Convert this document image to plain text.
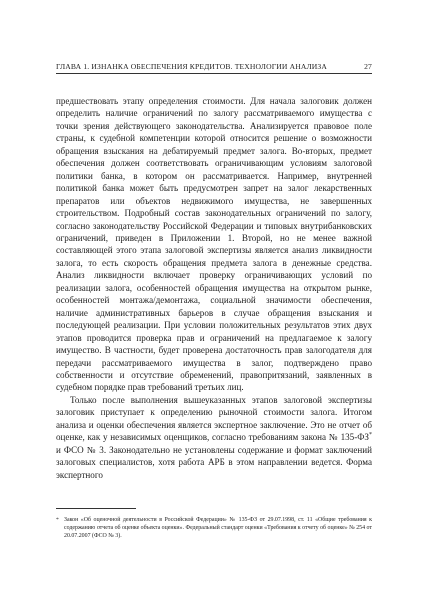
ГЛАВА 1. ИЗНАНКА ОБЕСПЕЧЕНИЯ КРЕДИТОВ. ТЕХНОЛОГИИ АНАЛИЗА	27

предшествовать этапу определения стоимости. Для начала залоговик должен определить наличие ограничений по залогу рассматриваемого имущества с точки зрения действующего законодательства. Анализируется правовое поле страны, к судебной компетенции которой относится решение о возможности обращения взыскания на дебатируемый предмет залога. Во-вторых, предмет обеспечения должен соответствовать ограничивающим условиям залоговой политики банка, в котором он рассматривается. Например, внутренней политикой банка может быть предусмотрен запрет на залог лекарственных препаратов или объектов недвижимого имущества, не завершенных строительством. Подробный состав законодательных ограничений по залогу, согласно законодательству Российской Федерации и типовых внутрибанковских ограничений, приведен в Приложении 1. Второй, но не менее важной составляющей этого этапа залоговой экспертизы является анализ ликвидности залога, то есть скорость обращения предмета залога в денежные средства. Анализ ликвидности включает проверку ограничивающих условий по реализации залога, особенностей обращения имущества на открытом рынке, особенностей монтажа/демонтажа, социальной значимости обеспечения, наличие административных барьеров в случае обращения взыскания и последующей реализации. При условии положительных результатов этих двух этапов проводится проверка прав и ограничений на предлагаемое к залогу имущество. В частности, будет проверена достаточность прав залогодателя для передачи рассматриваемого имущества в залог, подтверждено право собственности и отсутствие обременений, правопритязаний, заявленных в судебном порядке прав требований третьих лиц.

Только после выполнения вышеуказанных этапов залоговой экспертизы залоговик приступает к определению рыночной стоимости залога. Итогом анализа и оценки обеспечения является экспертное заключение. Это не отчет об оценке, как у независимых оценщиков, согласно требованиям закона № 135-ФЗ* и ФСО № 3. Законодательно не установлены содержание и формат заключений залоговых специалистов, хотя работа АРБ в этом направлении ведется. Форма экспертного

* Закон «Об оценочной деятельности в Российской Федерации» № 135-ФЗ от 29.07.1998, ст. 11 «Общие требования к содержанию отчета об оценке объекта оценки». Федеральный стандарт оценки «Требования к отчету об оценке» № 254 от 20.07.2007 (ФСО № 3).
